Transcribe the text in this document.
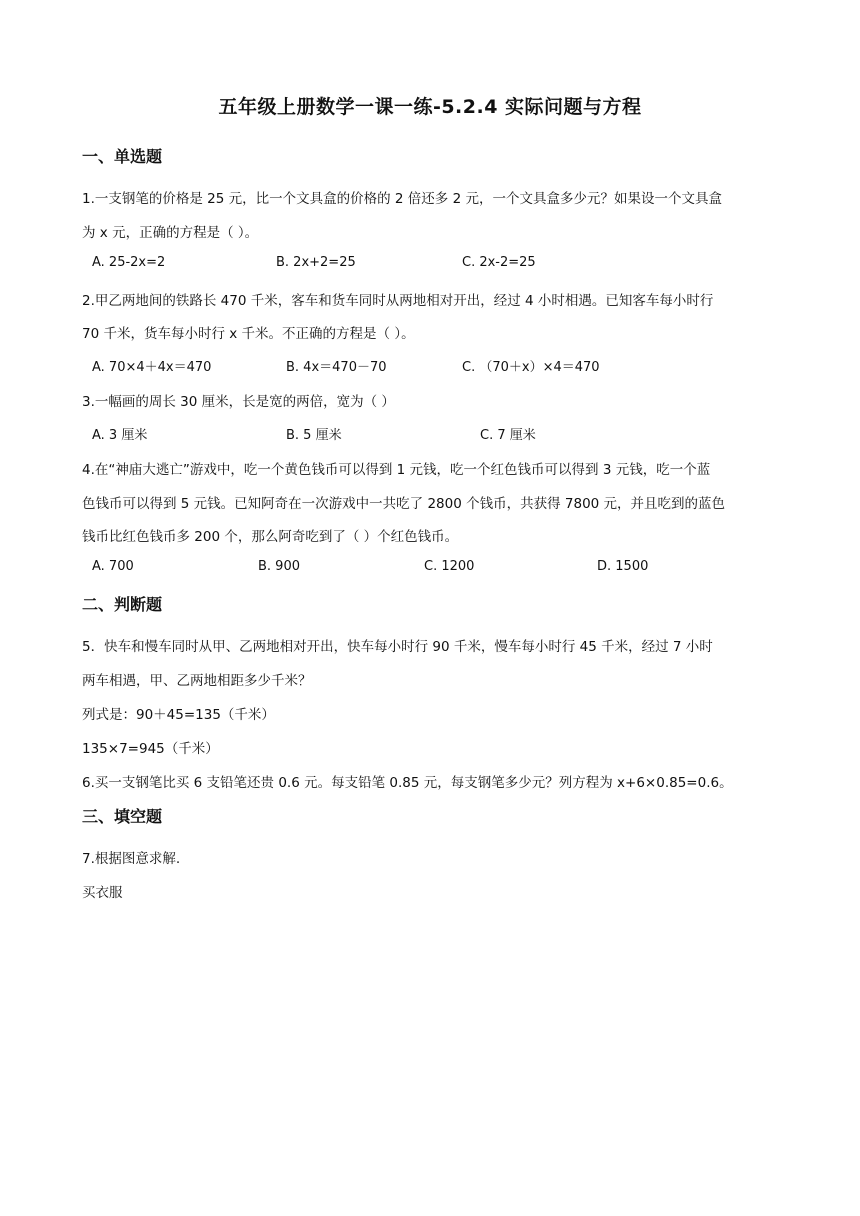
五年级上册数学一课一练-5.2.4 实际问题与方程
一、单选题
1.一支钢笔的价格是 25 元，比一个文具盒的价格的 2 倍还多 2 元，一个文具盒多少元？如果设一个文具盒
为 x 元，正确的方程是（ ）。
A. 25-2x=2	B. 2x+2=25	C. 2x-2=25
2.甲乙两地间的铁路长 470 千米，客车和货车同时从两地相对开出，经过 4 小时相遇。已知客车每小时行
70 千米，货车每小时行 x 千米。不正确的方程是（ ）。
A. 70×4＋4x＝470	B. 4x＝470－70	C. （70＋x）×4＝470
3.一幅画的周长 30 厘米，长是宽的两倍，宽为（ ）
A. 3 厘米	B. 5 厘米	C. 7 厘米
4.在“神庙大逃亡”游戏中，吃一个黄色钱币可以得到 1 元钱，吃一个红色钱币可以得到 3 元钱，吃一个蓝
色钱币可以得到 5 元钱。已知阿奇在一次游戏中一共吃了 2800 个钱币，共获得 7800 元，并且吃到的蓝色
钱币比红色钱币多 200 个，那么阿奇吃到了（ ）个红色钱币。
A. 700	B. 900	C. 1200	D. 1500
二、判断题
5．快车和慢车同时从甲、乙两地相对开出，快车每小时行 90 千米，慢车每小时行 45 千米，经过 7 小时
两车相遇，甲、乙两地相距多少千米？
列式是：90＋45=135（千米）
135×7=945（千米）
6.买一支钢笔比买 6 支铅笔还贵 0.6 元。每支铅笔 0.85 元，每支钢笔多少元？列方程为 x+6×0.85=0.6。
三、填空题
7.根据图意求解.
买衣服
